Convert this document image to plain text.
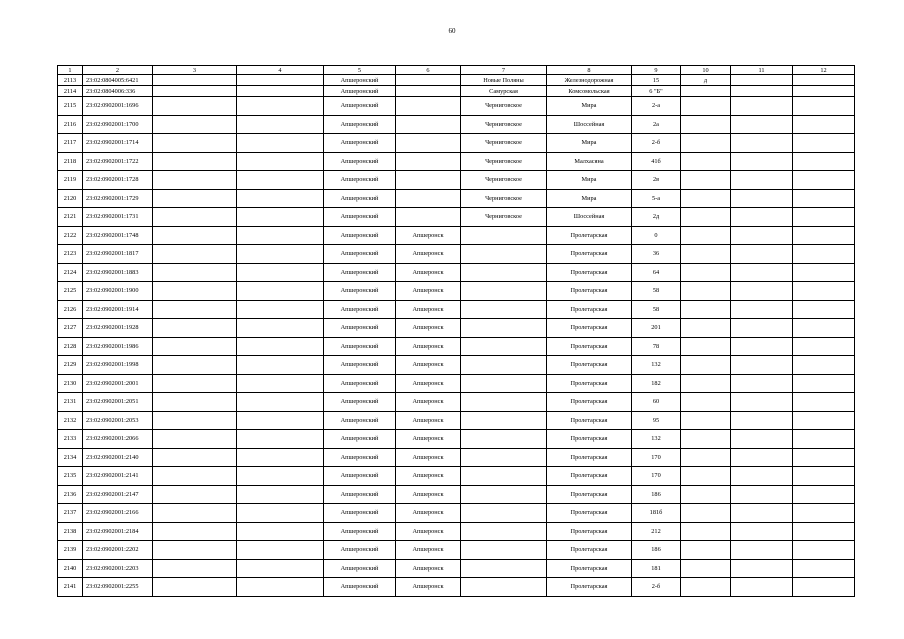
60
1	2	3	4	5	6	7	8	9	10	11	12
2113	23:02:0804005:6421			Апшеронский		Новые Поляны	Железнодорожная	15	д		
2114	23:02:0804006:336			Апшеронский		Самурская	Комсомольская	6 "Б"			
2115	23:02:0902001:1696			Апшеронский		Черниговское	Мира	2-а			
2116	23:02:0902001:1700			Апшеронский		Черниговское	Шоссейная	2а			
2117	23:02:0902001:1714			Апшеронский		Черниговское	Мира	2-б			
2118	23:02:0902001:1722			Апшеронский		Черниговское	Малхасяна	41б			
2119	23:02:0902001:1728			Апшеронский		Черниговское	Мира	2в			
2120	23:02:0902001:1729			Апшеронский		Черниговское	Мира	5-а			
2121	23:02:0902001:1731			Апшеронский		Черниговское	Шоссейная	2д			
2122	23:02:0902001:1748			Апшеронский	Апшеронск		Пролетарская	0			
2123	23:02:0902001:1817			Апшеронский	Апшеронск		Пролетарская	36			
2124	23:02:0902001:1883			Апшеронский	Апшеронск		Пролетарская	64			
2125	23:02:0902001:1900			Апшеронский	Апшеронск		Пролетарская	58			
2126	23:02:0902001:1914			Апшеронский	Апшеронск		Пролетарская	58			
2127	23:02:0902001:1928			Апшеронский	Апшеронск		Пролетарская	201			
2128	23:02:0902001:1986			Апшеронский	Апшеронск		Пролетарская	78			
2129	23:02:0902001:1998			Апшеронский	Апшеронск		Пролетарская	132			
2130	23:02:0902001:2001			Апшеронский	Апшеронск		Пролетарская	182			
2131	23:02:0902001:2051			Апшеронский	Апшеронск		Пролетарская	60			
2132	23:02:0902001:2053			Апшеронский	Апшеронск		Пролетарская	95			
2133	23:02:0902001:2066			Апшеронский	Апшеронск		Пролетарская	132			
2134	23:02:0902001:2140			Апшеронский	Апшеронск		Пролетарская	170			
2135	23:02:0902001:2141			Апшеронский	Апшеронск		Пролетарская	170			
2136	23:02:0902001:2147			Апшеронский	Апшеронск		Пролетарская	186			
2137	23:02:0902001:2166			Апшеронский	Апшеронск		Пролетарская	181б			
2138	23:02:0902001:2184			Апшеронский	Апшеронск		Пролетарская	212			
2139	23:02:0902001:2202			Апшеронский	Апшеронск		Пролетарская	186			
2140	23:02:0902001:2203			Апшеронский	Апшеронск		Пролетарская	181			
2141	23:02:0902001:2255			Апшеронский	Апшеронск		Пролетарская	2-б			
